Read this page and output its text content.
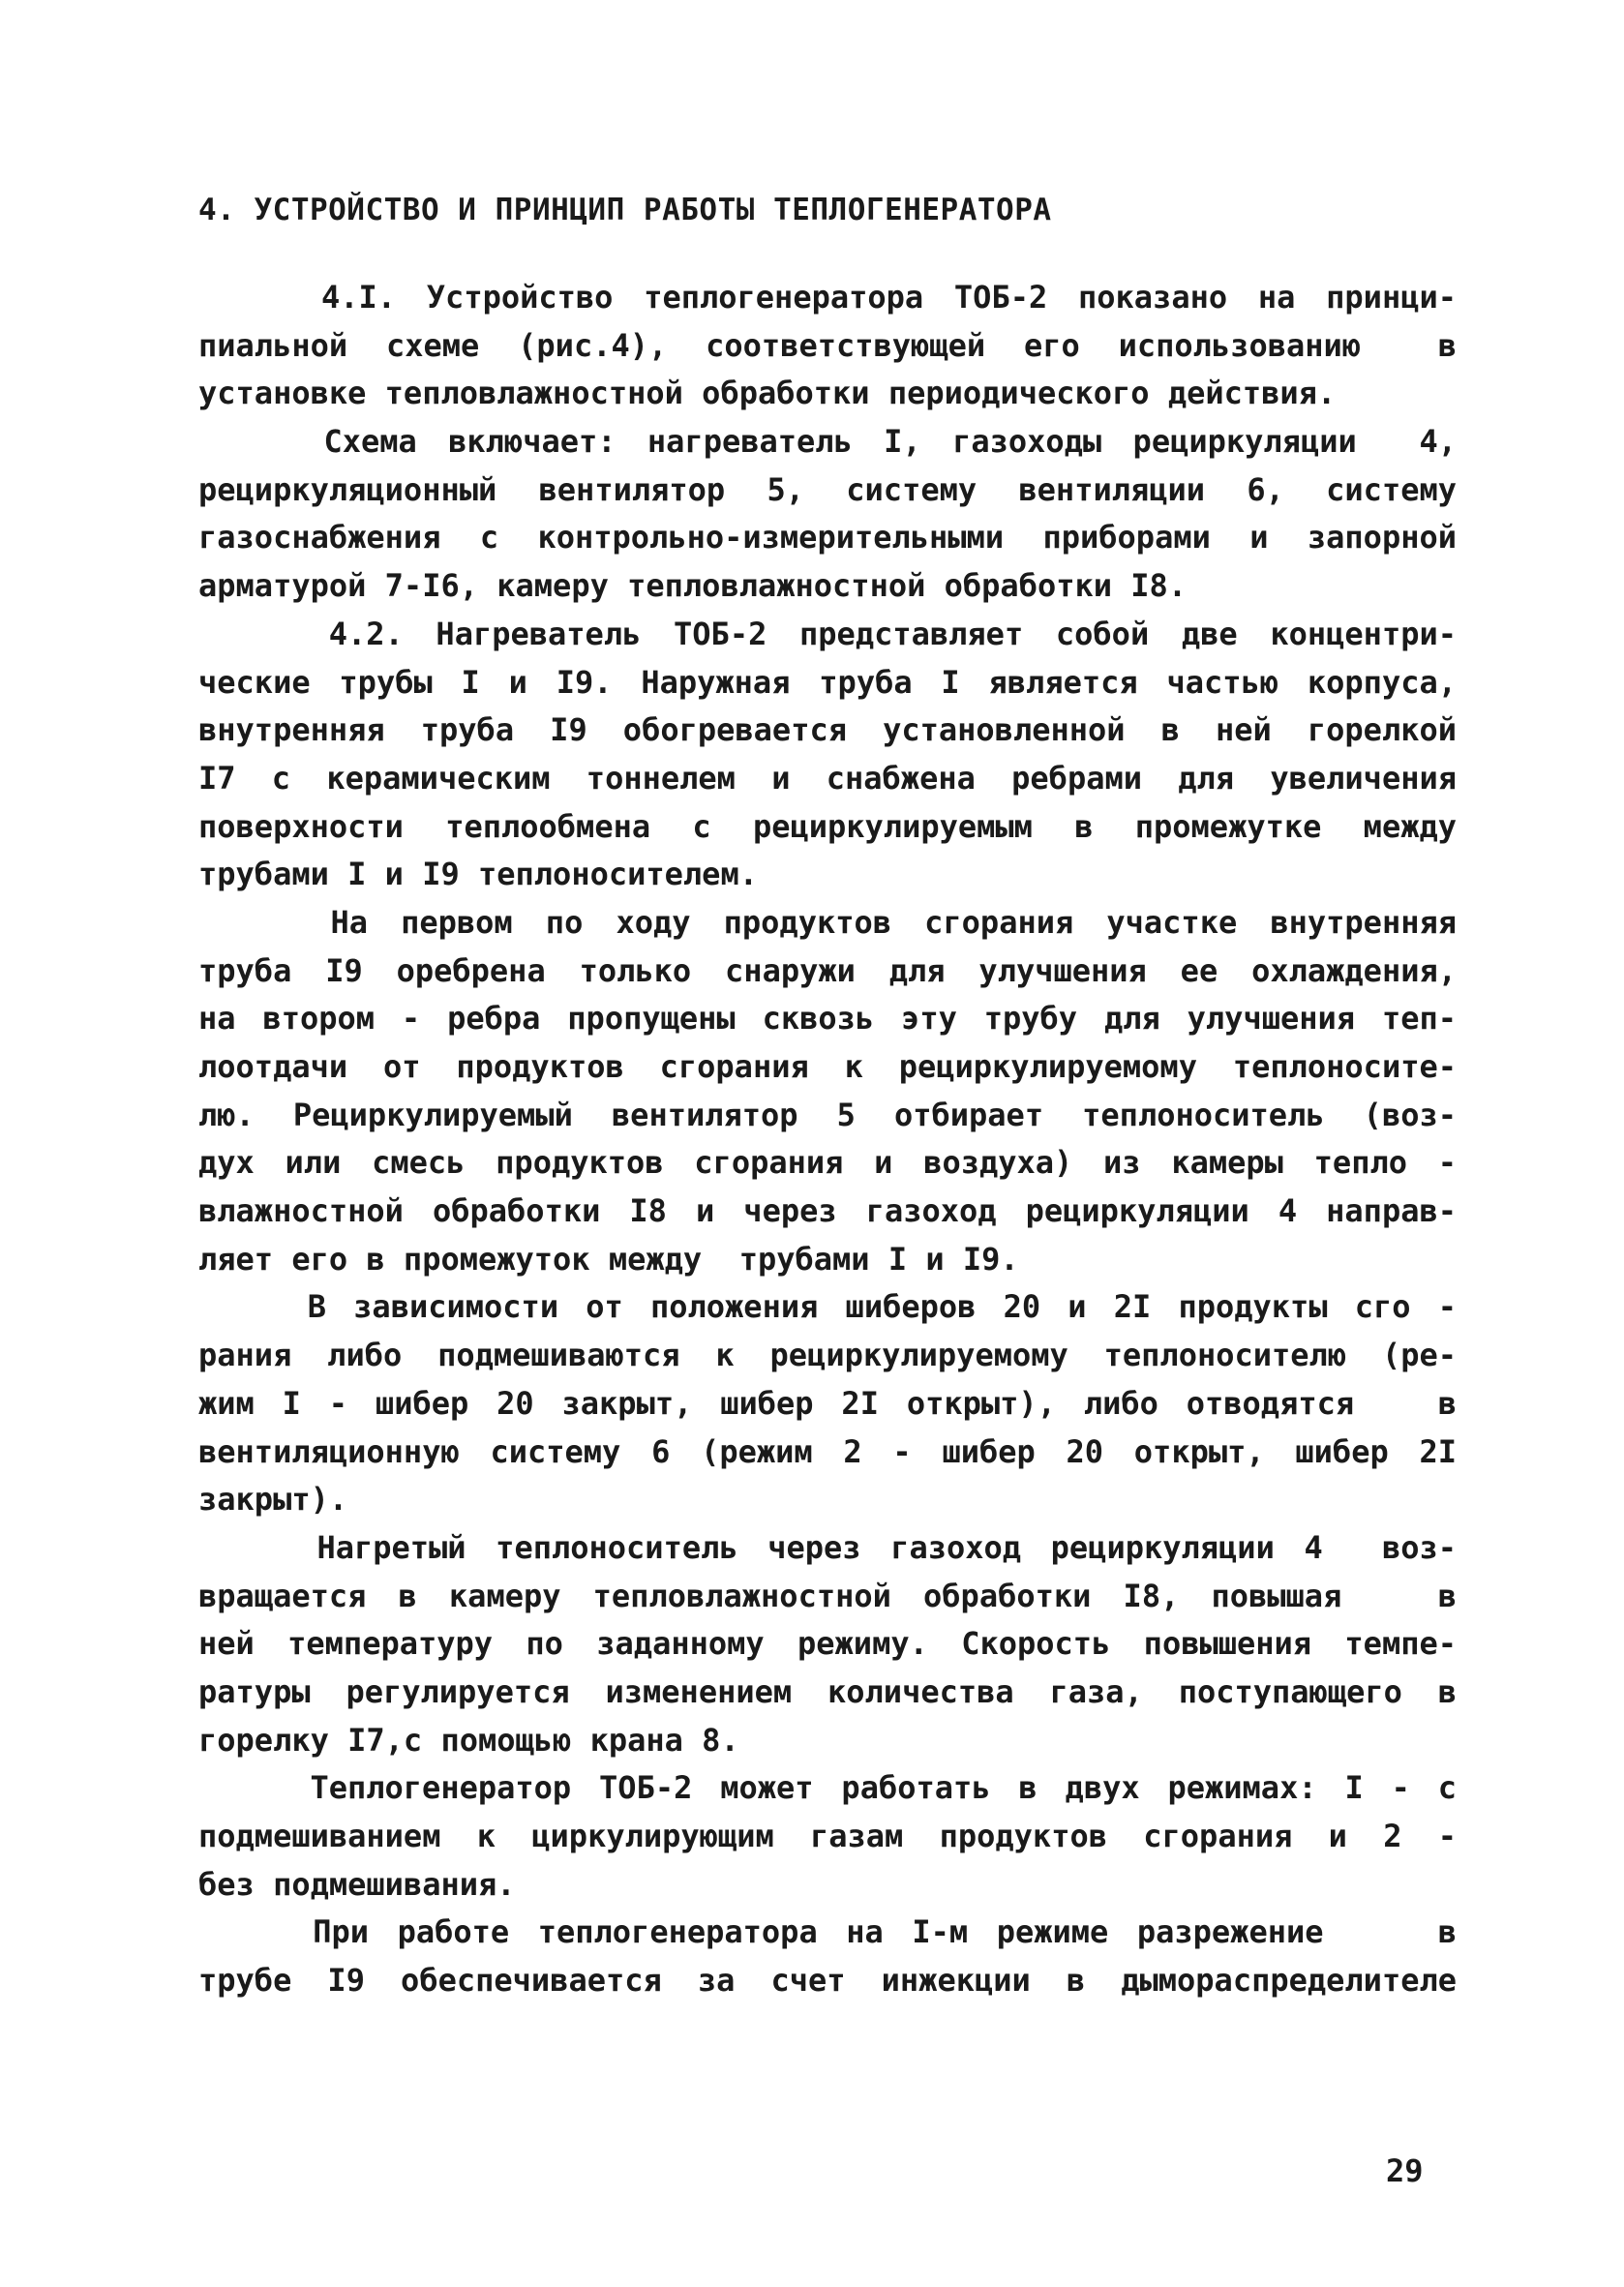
4. УСТРОЙСТВО И ПРИНЦИП РАБОТЫ ТЕПЛОГЕНЕРАТОРА
4.I. Устройство теплогенератора ТОБ-2 показано на принци-
пиальной схеме (рис.4), соответствующей его использованию  в
установке тепловлажностной обработки периодического действия.
Схема включает: нагреватель I, газоходы рециркуляции  4,
рециркуляционный вентилятор 5, систему вентиляции 6, систему
газоснабжения с контрольно-измерительными приборами и запорной
арматурой 7-I6, камеру тепловлажностной обработки I8.
4.2. Нагреватель ТОБ-2 представляет собой две концентри-
ческие трубы I и I9. Наружная труба I является частью корпуса,
внутренняя труба I9 обогревается установленной в ней горелкой
I7 с керамическим тоннелем и снабжена ребрами для увеличения
поверхности теплообмена с рециркулируемым в промежутке между
трубами I и I9 теплоносителем.
На первом по ходу продуктов сгорания участке внутренняя
труба I9 оребрена только снаружи для улучшения ее охлаждения,
на втором - ребра пропущены сквозь эту трубу для улучшения теп-
лоотдачи от продуктов сгорания к рециркулируемому теплоносите-
лю. Рециркулируемый вентилятор 5 отбирает теплоноситель (воз-
дух или смесь продуктов сгорания и воздуха) из камеры тепло -
влажностной обработки I8 и через газоход рециркуляции 4 направ-
ляет его в промежуток между  трубами I и I9.
В зависимости от положения шиберов 20 и 2I продукты сго -
рания либо подмешиваются к рециркулируемому теплоносителю (ре-
жим I - шибер 20 закрыт, шибер 2I открыт), либо отводятся   в
вентиляционную систему 6 (режим 2 - шибер 20 открыт, шибер 2I
закрыт).
Нагретый теплоноситель через газоход рециркуляции 4  воз-
вращается в камеру тепловлажностной обработки I8, повышая   в
ней температуру по заданному режиму. Скорость повышения темпе-
ратуры регулируется изменением количества газа, поступающего в
горелку I7,с помощью крана 8.
Теплогенератор ТОБ-2 может работать в двух режимах: I - с
подмешиванием к циркулирующим газам продуктов сгорания и 2 -
без подмешивания.
При работе теплогенератора на I-м режиме разрежение    в
трубе I9 обеспечивается за счет инжекции в дыморaспределителе
29
